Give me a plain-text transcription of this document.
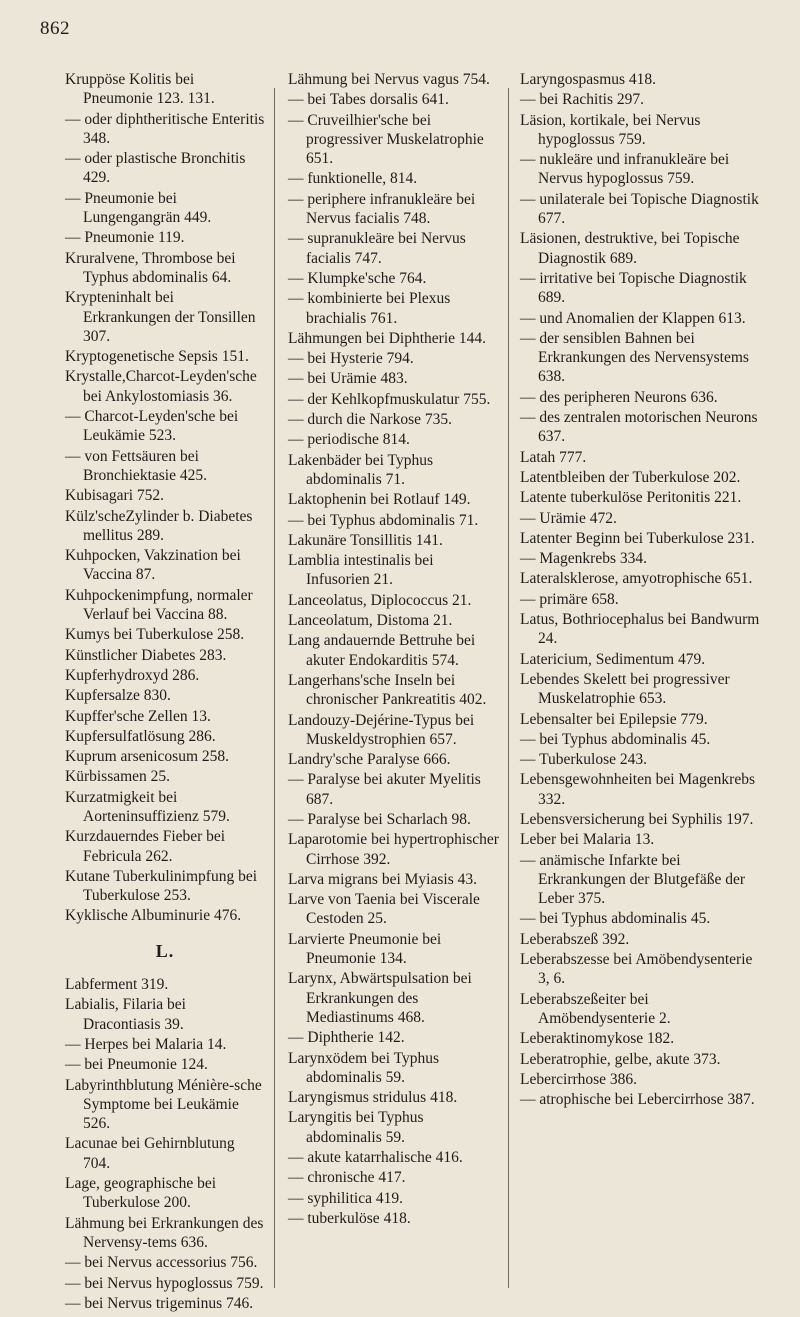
862
Kruppöse Kolitis bei Pneumonie 123. 131.
— oder diphtheritische Enteritis 348.
— oder plastische Bronchitis 429.
— Pneumonie bei Lungengangrän 449.
— Pneumonie 119.
Kruralvene, Thrombose bei Typhus abdominalis 64.
Krypteninhalt bei Erkrankungen der Tonsillen 307.
Kryptogenetische Sepsis 151.
Krystalle,Charcot-Leyden'sche bei Ankylostomiasis 36.
— Charcot-Leyden'sche bei Leukämie 523.
— von Fettsäuren bei Bronchiektasie 425.
Kubisagari 752.
Külz'scheZylinder b. Diabetes mellitus 289.
Kuhpocken, Vakzination bei Vaccina 87.
Kuhpockenimpfung, normaler Verlauf bei Vaccina 88.
Kumys bei Tuberkulose 258.
Künstlicher Diabetes 283.
Kupferhydroxyd 286.
Kupfersalze 830.
Kupffer'sche Zellen 13.
Kupfersulfatlösung 286.
Kuprum arsenicosum 258.
Kürbissamen 25.
Kurzatmigkeit bei Aorteninsuffizienz 579.
Kurzdauerndes Fieber bei Febricula 262.
Kutane Tuberkulinimpfung bei Tuberkulose 253.
Kyklische Albuminurie 476.
L.
Labferment 319.
Labialis, Filaria bei Dracontiasis 39.
— Herpes bei Malaria 14.
— bei Pneumonie 124.
Labyrinthblutung Ménière-sche Symptome bei Leukämie 526.
Lacunae bei Gehirnblutung 704.
Lage, geographische bei Tuberkulose 200.
Lähmung bei Erkrankungen des Nervensy-tems 636.
— bei Nervus accessorius 756.
— bei Nervus hypoglossus 759.
— bei Nervus trigeminus 746.
Lähmung bei Nervus vagus 754.
— bei Tabes dorsalis 641.
— Cruveilhier'sche bei progressiver Muskelatrophie 651.
— funktionelle, 814.
— periphere infranukleäre bei Nervus facialis 748.
— supranukleäre bei Nervus facialis 747.
— Klumpke'sche 764.
— kombinierte bei Plexus brachialis 761.
Lähmungen bei Diphtherie 144.
— bei Hysterie 794.
— bei Urämie 483.
— der Kehlkopfmuskulatur 755.
— durch die Narkose 735.
— periodische 814.
Lakenbäder bei Typhus abdominalis 71.
Laktophenin bei Rotlauf 149.
— bei Typhus abdominalis 71.
Lakunäre Tonsillitis 141.
Lamblia intestinalis bei Infusorien 21.
Lanceolatus, Diplococcus 21.
Lanceolatum, Distoma 21.
Lang andauernde Bettruhe bei akuter Endokarditis 574.
Langerhans'sche Inseln bei chronischer Pankreatitis 402.
Landouzy-Dejérine-Typus bei Muskeldystrophien 657.
Landry'sche Paralyse 666.
— Paralyse bei akuter Myelitis 687.
— Paralyse bei Scharlach 98.
Laparotomie bei hypertrophischer Cirrhose 392.
Larva migrans bei Myiasis 43.
Larve von Taenia bei Viscerale Cestoden 25.
Larvierte Pneumonie bei Pneumonie 134.
Larynx, Abwärtspulsation bei Erkrankungen des Mediastinums 468.
— Diphtherie 142.
Larynxödem bei Typhus abdominalis 59.
Laryngismus stridulus 418.
Laryngitis bei Typhus abdominalis 59.
— akute katarrhalische 416.
— chronische 417.
— syphilitica 419.
— tuberkulöse 418.
Laryngospasmus 418.
— bei Rachitis 297.
Läsion, kortikale, bei Nervus hypoglossus 759.
— nukleäre und infranukleäre bei Nervus hypoglossus 759.
— unilaterale bei Topische Diagnostik 677.
Läsionen, destruktive, bei Topische Diagnostik 689.
— irritative bei Topische Diagnostik 689.
— und Anomalien der Klappen 613.
— der sensiblen Bahnen bei Erkrankungen des Nervensystems 638.
— des peripheren Neurons 636.
— des zentralen motorischen Neurons 637.
Latah 777.
Latentbleiben der Tuberkulose 202.
Latente tuberkulöse Peritonitis 221.
— Urämie 472.
Latenter Beginn bei Tuberkulose 231.
— Magenkrebs 334.
Lateralsklerose, amyotrophische 651.
— primäre 658.
Latus, Bothriocephalus bei Bandwurm 24.
Latericium, Sedimentum 479.
Lebendes Skelett bei progressiver Muskelatrophie 653.
Lebensalter bei Epilepsie 779.
— bei Typhus abdominalis 45.
— Tuberkulose 243.
Lebensgewohnheiten bei Magenkrebs 332.
Lebensversicherung bei Syphilis 197.
Leber bei Malaria 13.
— anämische Infarkte bei Erkrankungen der Blutgefäße der Leber 375.
— bei Typhus abdominalis 45.
Leberabszeß 392.
Leberabszesse bei Amöbendysenterie 3, 6.
Leberabszeßeiter bei Amöbendysenterie 2.
Leberaktinomykose 182.
Leberatrophie, gelbe, akute 373.
Lebercirrhose 386.
— atrophische bei Lebercirrhose 387.
